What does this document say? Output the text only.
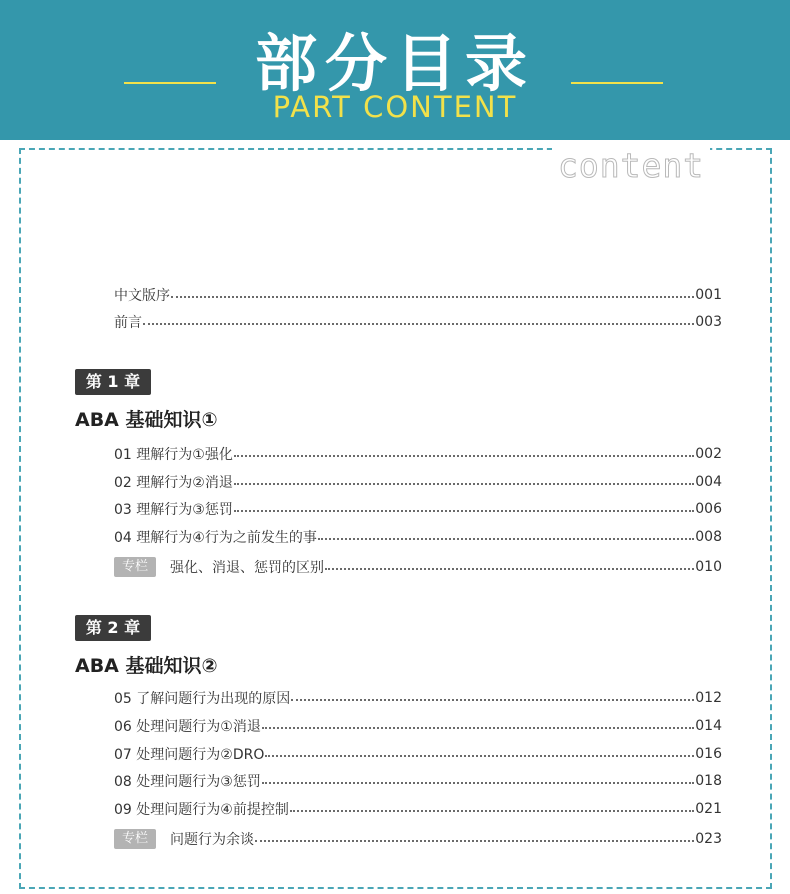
部分目录
PART CONTENT
content
中文版序	001
前言	003
第 1 章
ABA 基础知识①
01 理解行为①强化	002
02 理解行为②消退	004
03 理解行为③惩罚	006
04 理解行为④行为之前发生的事	008
专栏	强化、消退、惩罚的区别	010
第 2 章
ABA 基础知识②
05 了解问题行为出现的原因	012
06 处理问题行为①消退	014
07 处理问题行为②DRO	016
08 处理问题行为③惩罚	018
09 处理问题行为④前提控制	021
专栏	问题行为余谈	023
